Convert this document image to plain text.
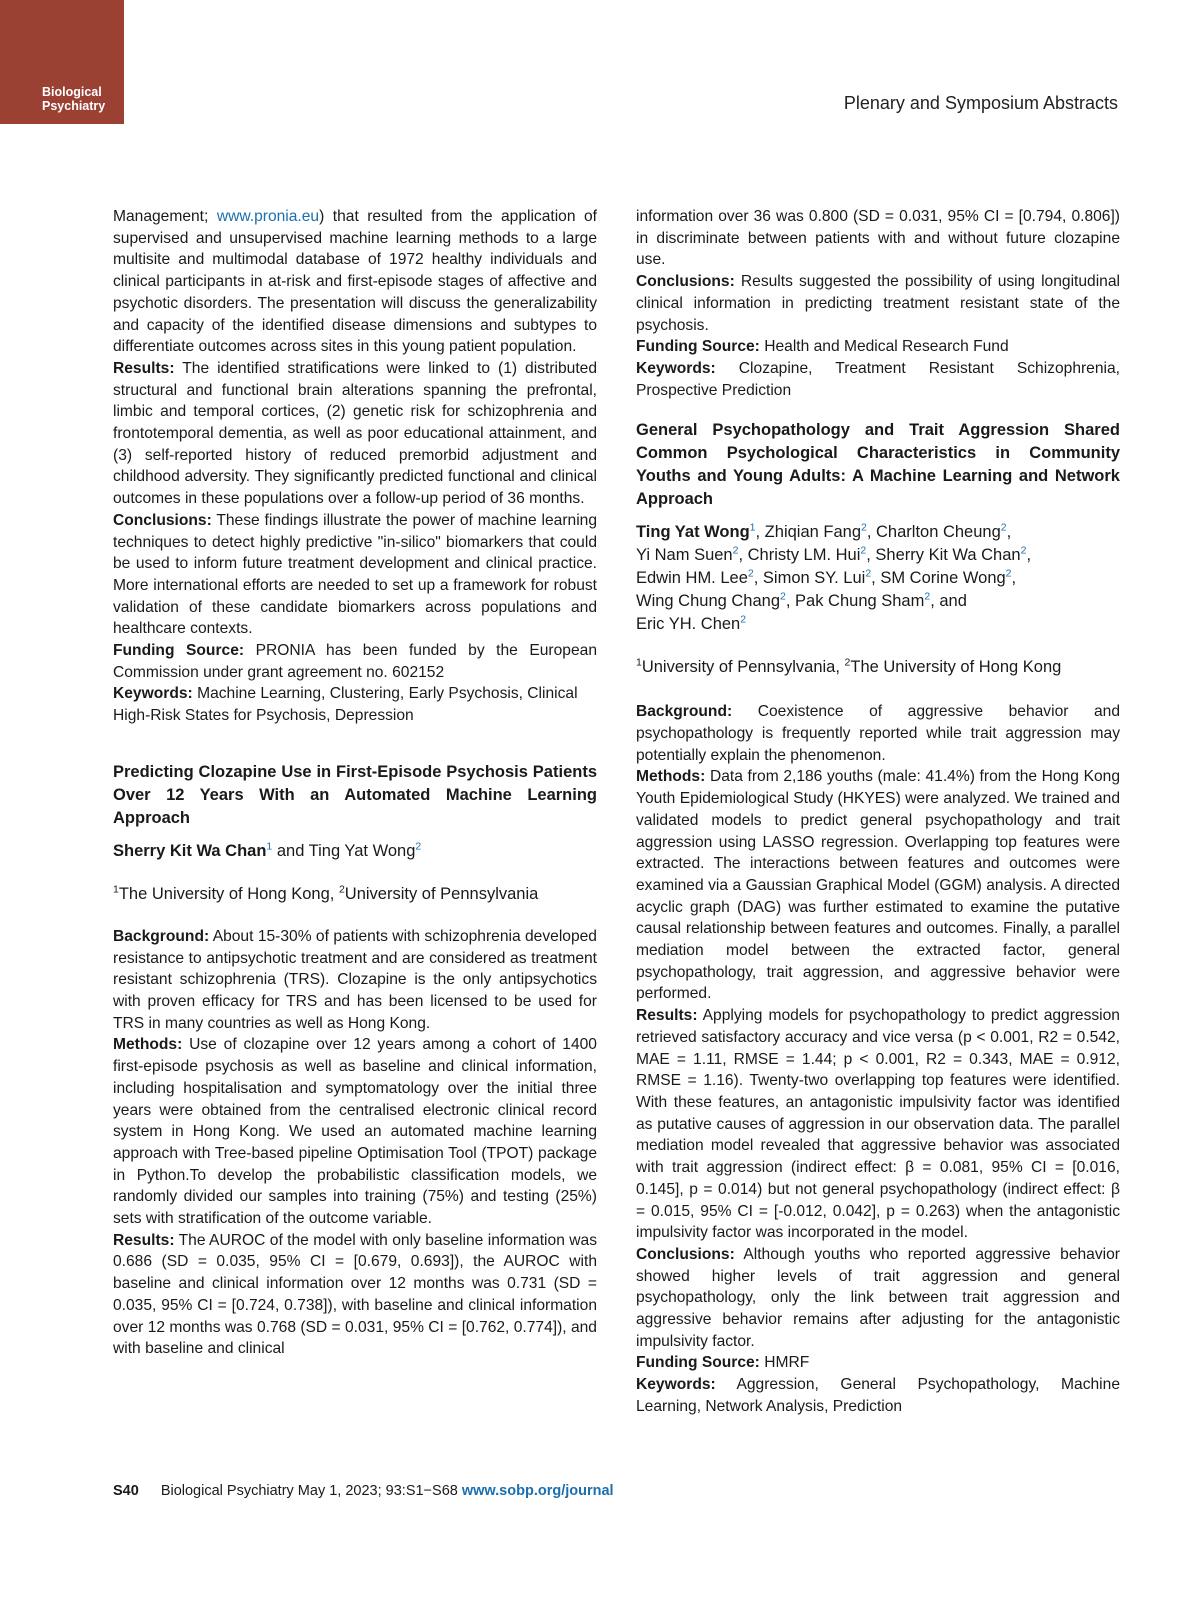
Biological
Psychiatry	Plenary and Symposium Abstracts

Management; www.pronia.eu) that resulted from the application of supervised and unsupervised machine learning methods to a large multisite and multimodal database of 1972 healthy individuals and clinical participants in at-risk and first-episode stages of affective and psychotic disorders. The presentation will discuss the generalizability and capacity of the identified disease dimensions and subtypes to differentiate outcomes across sites in this young patient population.

Results: The identified stratifications were linked to (1) distributed structural and functional brain alterations spanning the prefrontal, limbic and temporal cortices, (2) genetic risk for schizophrenia and frontotemporal dementia, as well as poor educational attainment, and (3) self-reported history of reduced premorbid adjustment and childhood adversity. They significantly predicted functional and clinical outcomes in these populations over a follow-up period of 36 months.

Conclusions: These findings illustrate the power of machine learning techniques to detect highly predictive "in-silico" biomarkers that could be used to inform future treatment development and clinical practice. More international efforts are needed to set up a framework for robust validation of these candidate biomarkers across populations and healthcare contexts.

Funding Source: PRONIA has been funded by the European Commission under grant agreement no. 602152

Keywords: Machine Learning, Clustering, Early Psychosis, Clinical High-Risk States for Psychosis, Depression

Predicting Clozapine Use in First-Episode Psychosis Patients Over 12 Years With an Automated Machine Learning Approach

Sherry Kit Wa Chan$^1$ and Ting Yat Wong$^2$

$^1$The University of Hong Kong, $^2$University of Pennsylvania

Background: About 15-30% of patients with schizophrenia developed resistance to antipsychotic treatment and are considered as treatment resistant schizophrenia (TRS). Clozapine is the only antipsychotics with proven efficacy for TRS and has been licensed to be used for TRS in many countries as well as Hong Kong.

Methods: Use of clozapine over 12 years among a cohort of 1400 first-episode psychosis as well as baseline and clinical information, including hospitalisation and symptomatology over the initial three years were obtained from the centralised electronic clinical record system in Hong Kong. We used an automated machine learning approach with Tree-based pipeline Optimisation Tool (TPOT) package in Python.To develop the probabilistic classification models, we randomly divided our samples into training (75%) and testing (25%) sets with stratification of the outcome variable.

Results: The AUROC of the model with only baseline information was 0.686 (SD = 0.035, 95% CI = [0.679, 0.693]), the AUROC with baseline and clinical information over 12 months was 0.731 (SD = 0.035, 95% CI = [0.724, 0.738]), with baseline and clinical information over 12 months was 0.768 (SD = 0.031, 95% CI = [0.762, 0.774]), and with baseline and clinical

information over 36 was 0.800 (SD = 0.031, 95% CI = [0.794, 0.806]) in discriminate between patients with and without future clozapine use.

Conclusions: Results suggested the possibility of using longitudinal clinical information in predicting treatment resistant state of the psychosis.

Funding Source: Health and Medical Research Fund

Keywords: Clozapine, Treatment Resistant Schizophrenia, Prospective Prediction

General Psychopathology and Trait Aggression Shared Common Psychological Characteristics in Community Youths and Young Adults: A Machine Learning and Network Approach

Ting Yat Wong$^1$, Zhiqian Fang$^2$, Charlton Cheung$^2$,
Yi Nam Suen$^2$, Christy LM. Hui$^2$, Sherry Kit Wa Chan$^2$,
Edwin HM. Lee$^2$, Simon SY. Lui$^2$, SM Corine Wong$^2$,
Wing Chung Chang$^2$, Pak Chung Sham$^2$, and
Eric YH. Chen$^2$

$^1$University of Pennsylvania, $^2$The University of Hong Kong

Background: Coexistence of aggressive behavior and psychopathology is frequently reported while trait aggression may potentially explain the phenomenon.

Methods: Data from 2,186 youths (male: 41.4%) from the Hong Kong Youth Epidemiological Study (HKYES) were analyzed. We trained and validated models to predict general psychopathology and trait aggression using LASSO regression. Overlapping top features were extracted. The interactions between features and outcomes were examined via a Gaussian Graphical Model (GGM) analysis. A directed acyclic graph (DAG) was further estimated to examine the putative causal relationship between features and outcomes. Finally, a parallel mediation model between the extracted factor, general psychopathology, trait aggression, and aggressive behavior were performed.

Results: Applying models for psychopathology to predict aggression retrieved satisfactory accuracy and vice versa (p < 0.001, R2 = 0.542, MAE = 1.11, RMSE = 1.44; p < 0.001, R2 = 0.343, MAE = 0.912, RMSE = 1.16). Twenty-two overlapping top features were identified. With these features, an antagonistic impulsivity factor was identified as putative causes of aggression in our observation data. The parallel mediation model revealed that aggressive behavior was associated with trait aggression (indirect effect: β = 0.081, 95% CI = [0.016, 0.145], p = 0.014) but not general psychopathology (indirect effect: β = 0.015, 95% CI = [-0.012, 0.042], p = 0.263) when the antagonistic impulsivity factor was incorporated in the model.

Conclusions: Although youths who reported aggressive behavior showed higher levels of trait aggression and general psychopathology, only the link between trait aggression and aggressive behavior remains after adjusting for the antagonistic impulsivity factor.

Funding Source: HMRF

Keywords: Aggression, General Psychopathology, Machine Learning, Network Analysis, Prediction

S40 Biological Psychiatry May 1, 2023; 93:S1−S68 www.sobp.org/journal
